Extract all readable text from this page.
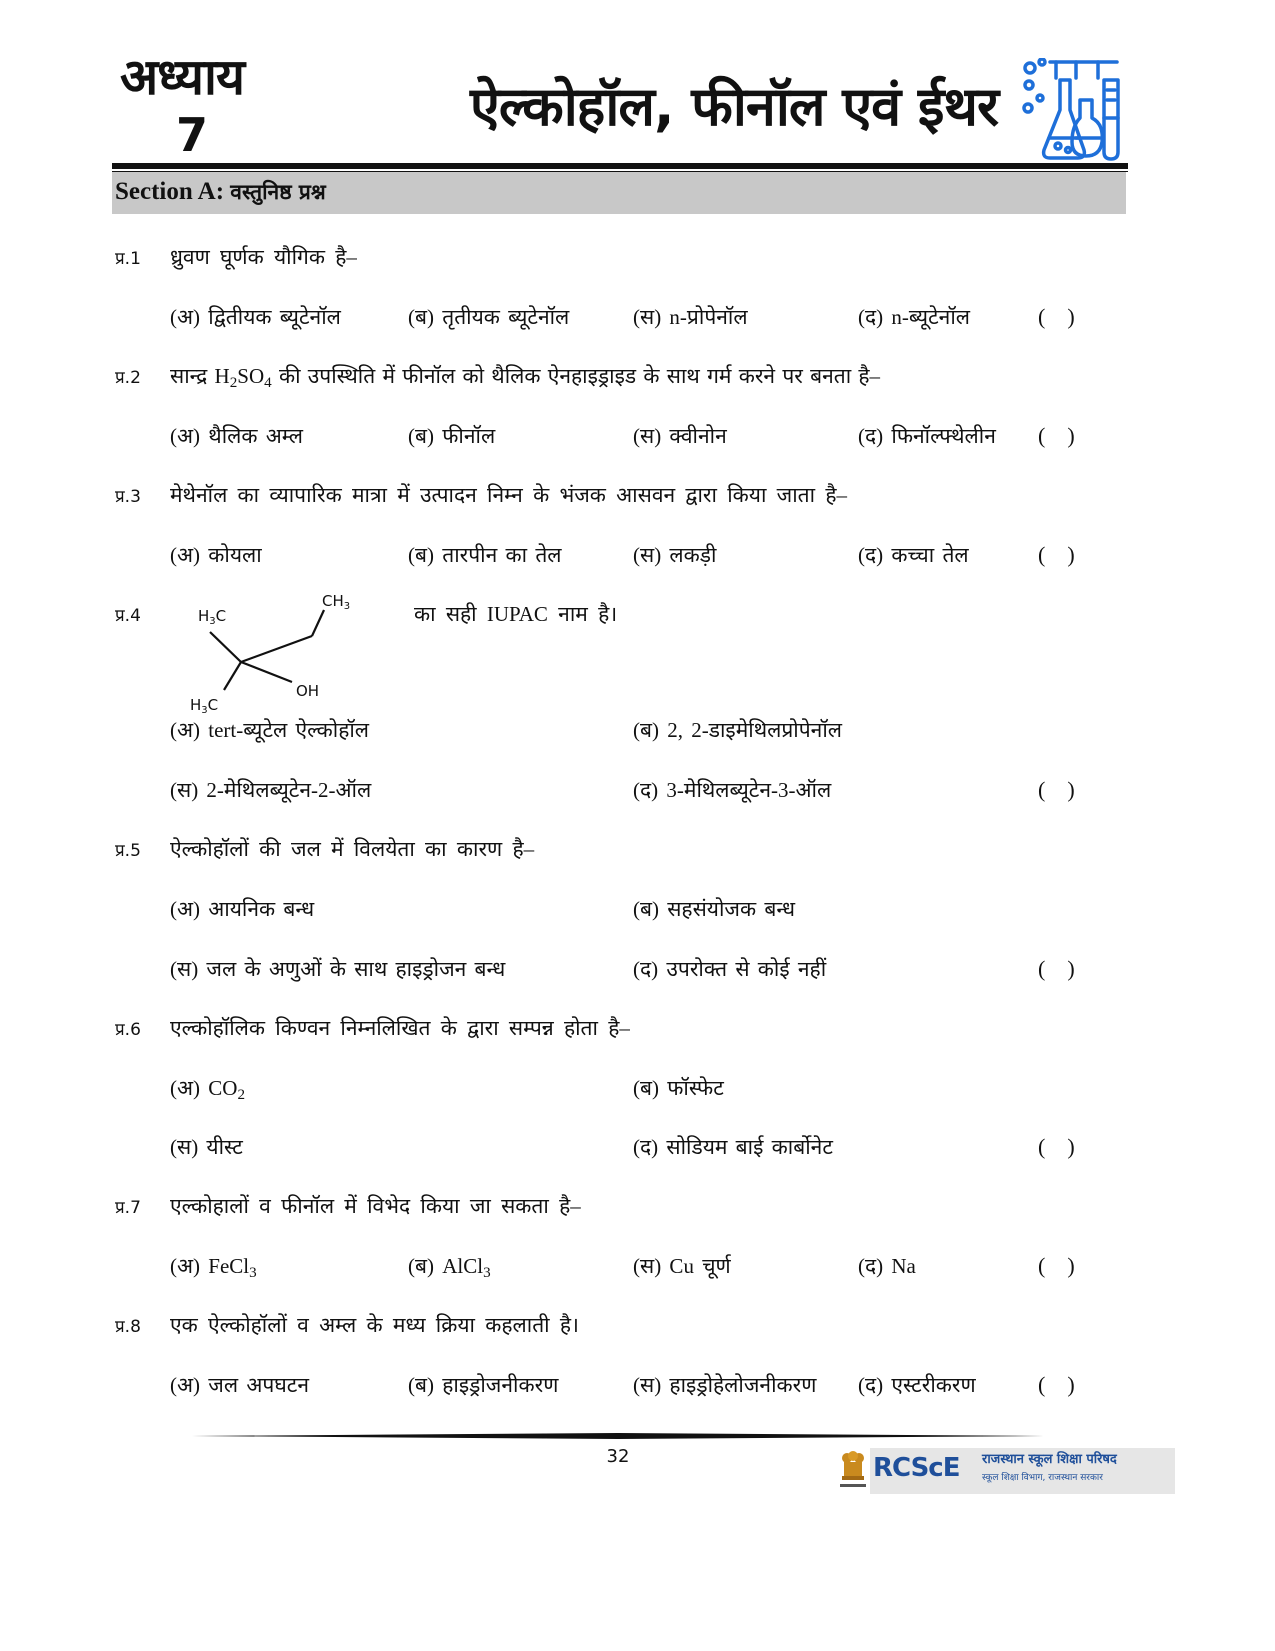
अध्याय
7	ऐल्कोहॉल, फीनॉल एवं ईथर
Section A: वस्तुनिष्ठ प्रश्न
प्र.1 ध्रुवण घूर्णक यौगिक है–
(अ) द्वितीयक ब्यूटेनॉल	(ब) तृतीयक ब्यूटेनॉल	(स) n-प्रोपेनॉल	(द) n-ब्यूटेनॉल	(    )
प्र.2 सान्द्र $H_2SO_4$ की उपस्थिति में फीनॉल को थैलिक ऐनहाइड्राइड के साथ गर्म करने पर बनता है–
(अ) थैलिक अम्ल	(ब) फीनॉल	(स) क्वीनोन	(द) फिनॉल्फ्थेलीन (    )
प्र.3 मेथेनॉल का व्यापारिक मात्रा में उत्पादन निम्न के भंजक आसवन द्वारा किया जाता है–
(अ) कोयला	(ब) तारपीन का तेल	(स) लकड़ी	(द) कच्चा तेल	(    )
प्र.4
$CH_3$
$H_3C$
OH
$H_3C$
का सही IUPAC नाम है।
(अ) tert-ब्यूटेल ऐल्कोहॉल	(ब) 2, 2-डाइमेथिलप्रोपेनॉल
(स) 2-मेथिलब्यूटेन-2-ऑल	(द) 3-मेथिलब्यूटेन-3-ऑल	(    )
प्र.5 ऐल्कोहॉलों की जल में विलयेता का कारण है–
(अ) आयनिक बन्ध	(ब) सहसंयोजक बन्ध
(स) जल के अणुओं के साथ हाइड्रोजन बन्ध	(द) उपरोक्त से कोई नहीं	(    )
प्र.6 एल्कोहॉलिक किण्वन निम्नलिखित के द्वारा सम्पन्न होता है–
(अ) $CO_2$	(ब) फॉस्फेट
(स) यीस्ट	(द) सोडियम बाई कार्बोनेट	(    )
प्र.7 एल्कोहालों व फीनॉल में विभेद किया जा सकता है–
(अ) FeCl$_3$	(ब) AlCl$_3$	(स) Cu चूर्ण	(द) Na	(    )
प्र.8 एक ऐल्कोहॉलों व अम्ल के मध्य क्रिया कहलाती है।
(अ) जल अपघटन	(ब) हाइड्रोजनीकरण	(स) हाइड्रोहेलोजनीकरण (द) एस्टरीकरण	(    )
32	RCScE राजस्थान स्कूल शिक्षा परिषद
स्कूल शिक्षा विभाग, राजस्थान सरकार
